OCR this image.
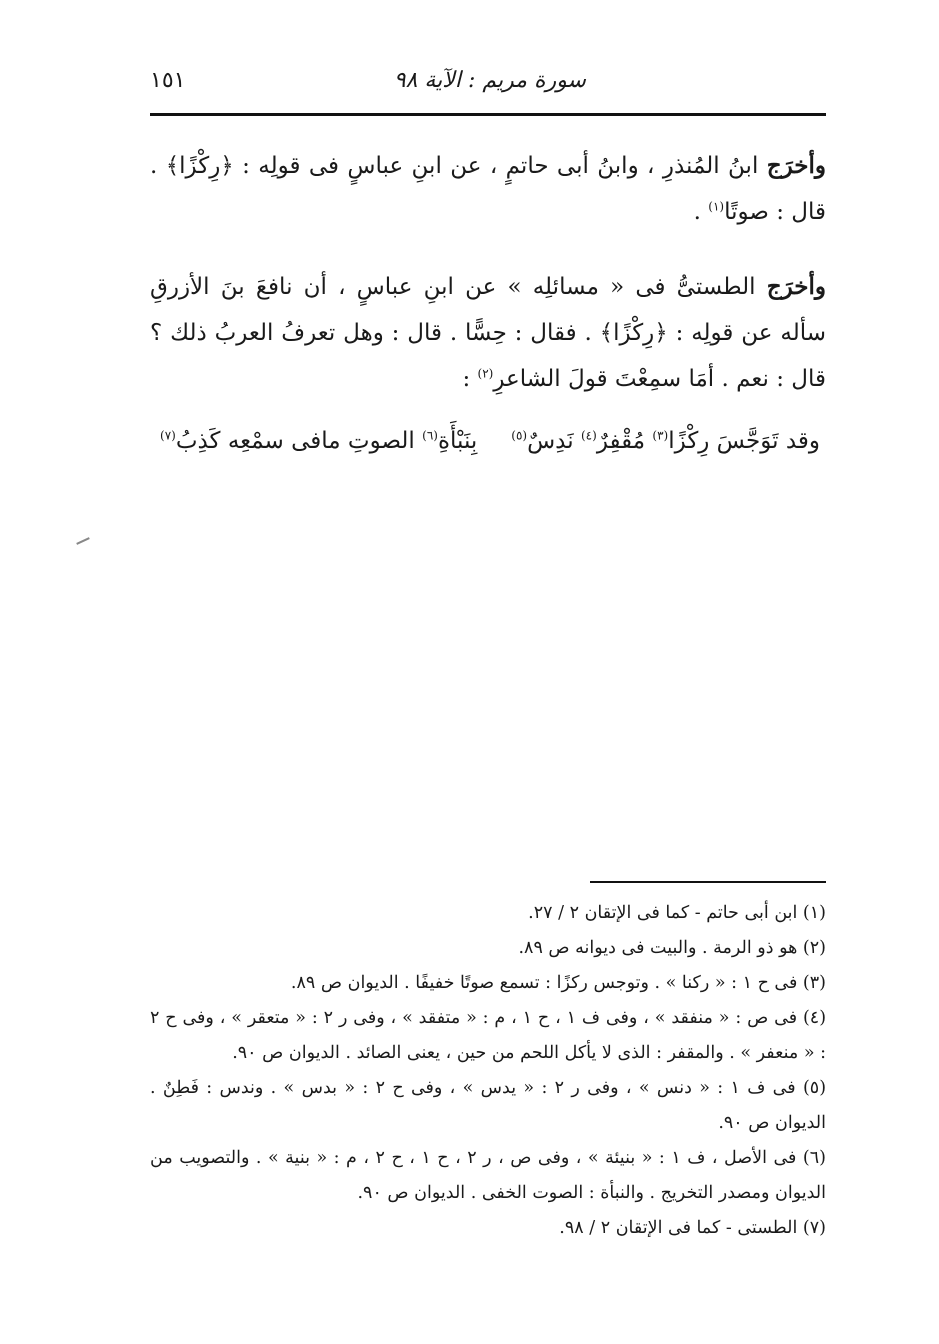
سورة مريم : الآية ٩٨
١٥١

وأخرَج ابنُ المُنذرِ ، وابنُ أبى حاتمٍ ، عن ابنِ عباسٍ فى قولِه : ﴿رِكْزًا﴾ . قال : صوتًا$^{(١)}$ .

وأخرَج الطستىُّ فى « مسائلِه » عن ابنِ عباسٍ ، أن نافعَ بنَ الأزرقِ سأله عن قولِه : ﴿رِكْزًا﴾ . فقال : حِسًّا . قال : وهل تعرفُ العربُ ذلك ؟ قال : نعم . أمَا سمِعْتَ قولَ الشاعرِ$^{(٢)}$ :

وقد تَوَجَّسَ رِكْزًا$^{(٣)}$ مُقْفِرٌ$^{(٤)}$ نَدِسٌ$^{(٥)}$
بِنَبْأَةِ$^{(٦)}$ الصوتِ مافى سمْعِه كَذِبُ$^{(٧)}$

(١) ابن أبى حاتم - كما فى الإتقان ٢ / ٢٧.

(٢) هو ذو الرمة . والبيت فى ديوانه ص ٨٩.

(٣) فى ح ١ : « ركنا » . وتوجس ركزًا : تسمع صوتًا خفيفًا . الديوان ص ٨٩.

(٤) فى ص : « منفقد » ، وفى ف ١ ، ح ١ ، م : « متفقد » ، وفى ر ٢ : « متعقر » ، وفى ح ٢ : « منعفر » . والمقفر : الذى لا يأكل اللحم من حين ، يعنى الصائد . الديوان ص ٩٠.

(٥) فى ف ١ : « دنس » ، وفى ر ٢ : « يدس » ، وفى ح ٢ : « بدس » . وندس : فَطِنٌ . الديوان ص ٩٠.

(٦) فى الأصل ، ف ١ : « بنيئة » ، وفى ص ، ر ٢ ، ح ١ ، ح ٢ ، م : « بنية » . والتصويب من الديوان ومصدر التخريج . والنبأة : الصوت الخفى . الديوان ص ٩٠.

(٧) الطستى - كما فى الإتقان ٢ / ٩٨.
